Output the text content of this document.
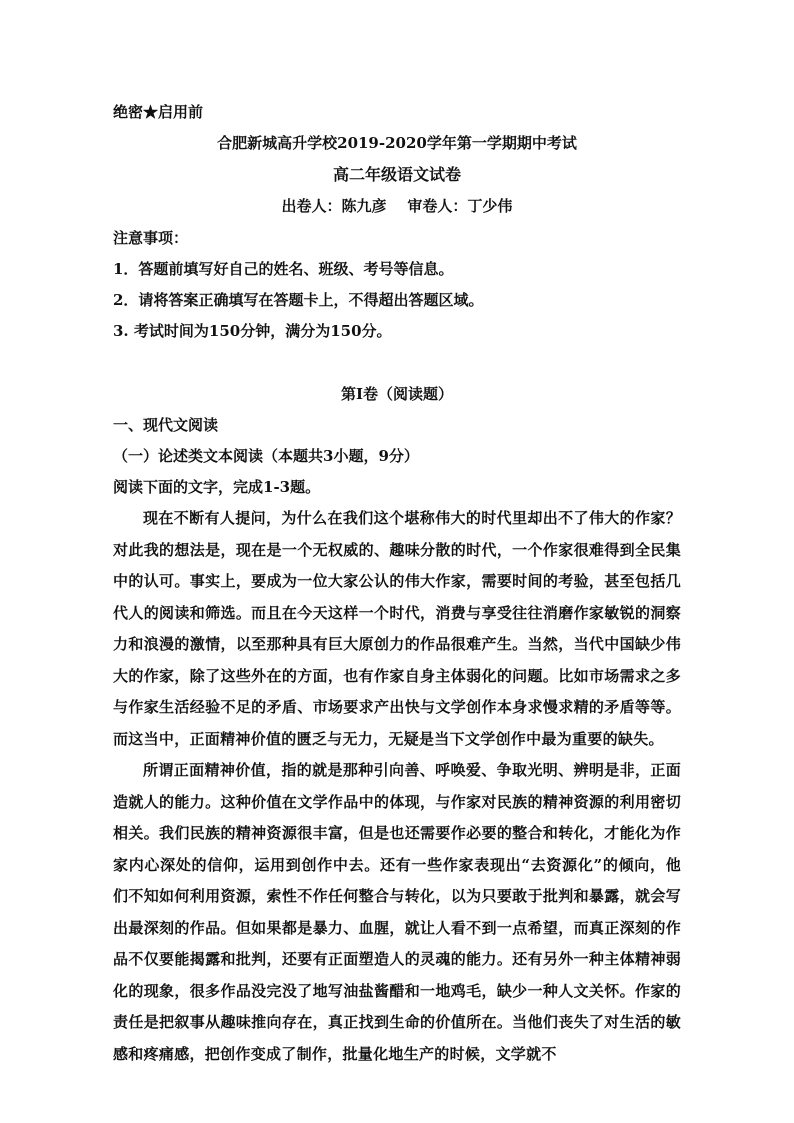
绝密★启用前
合肥新城高升学校2019-2020学年第一学期期中考试
高二年级语文试卷
出卷人：陈九彦    审卷人：丁少伟
注意事项：
1．答题前填写好自己的姓名、班级、考号等信息。
2．请将答案正确填写在答题卡上，不得超出答题区域。
3. 考试时间为150分钟，满分为150分。
第I卷（阅读题）
一、现代文阅读
（一）论述类文本阅读（本题共3小题，9分）
阅读下面的文字，完成1-3题。
现在不断有人提问，为什么在我们这个堪称伟大的时代里却出不了伟大的作家？对此我的想法是，现在是一个无权威的、趣味分散的时代，一个作家很难得到全民集中的认可。事实上，要成为一位大家公认的伟大作家，需要时间的考验，甚至包括几代人的阅读和筛选。而且在今天这样一个时代，消费与享受往往消磨作家敏锐的洞察力和浪漫的激情，以至那种具有巨大原创力的作品很难产生。当然，当代中国缺少伟大的作家，除了这些外在的方面，也有作家自身主体弱化的问题。比如市场需求之多与作家生活经验不足的矛盾、市场要求产出快与文学创作本身求慢求精的矛盾等等。而这当中，正面精神价值的匮乏与无力，无疑是当下文学创作中最为重要的缺失。
所谓正面精神价值，指的就是那种引向善、呼唤爱、争取光明、辨明是非，正面造就人的能力。这种价值在文学作品中的体现，与作家对民族的精神资源的利用密切相关。我们民族的精神资源很丰富，但是也还需要作必要的整合和转化，才能化为作家内心深处的信仰，运用到创作中去。还有一些作家表现出“去资源化”的倾向，他们不知如何利用资源，索性不作任何整合与转化，以为只要敢于批判和暴露，就会写出最深刻的作品。但如果都是暴力、血腥，就让人看不到一点希望，而真正深刻的作品不仅要能揭露和批判，还要有正面塑造人的灵魂的能力。还有另外一种主体精神弱化的现象，很多作品没完没了地写油盐酱醋和一地鸡毛，缺少一种人文关怀。作家的责任是把叙事从趣味推向存在，真正找到生命的价值所在。当他们丧失了对生活的敏感和疼痛感，把创作变成了制作，批量化地生产的时候，文学就不
